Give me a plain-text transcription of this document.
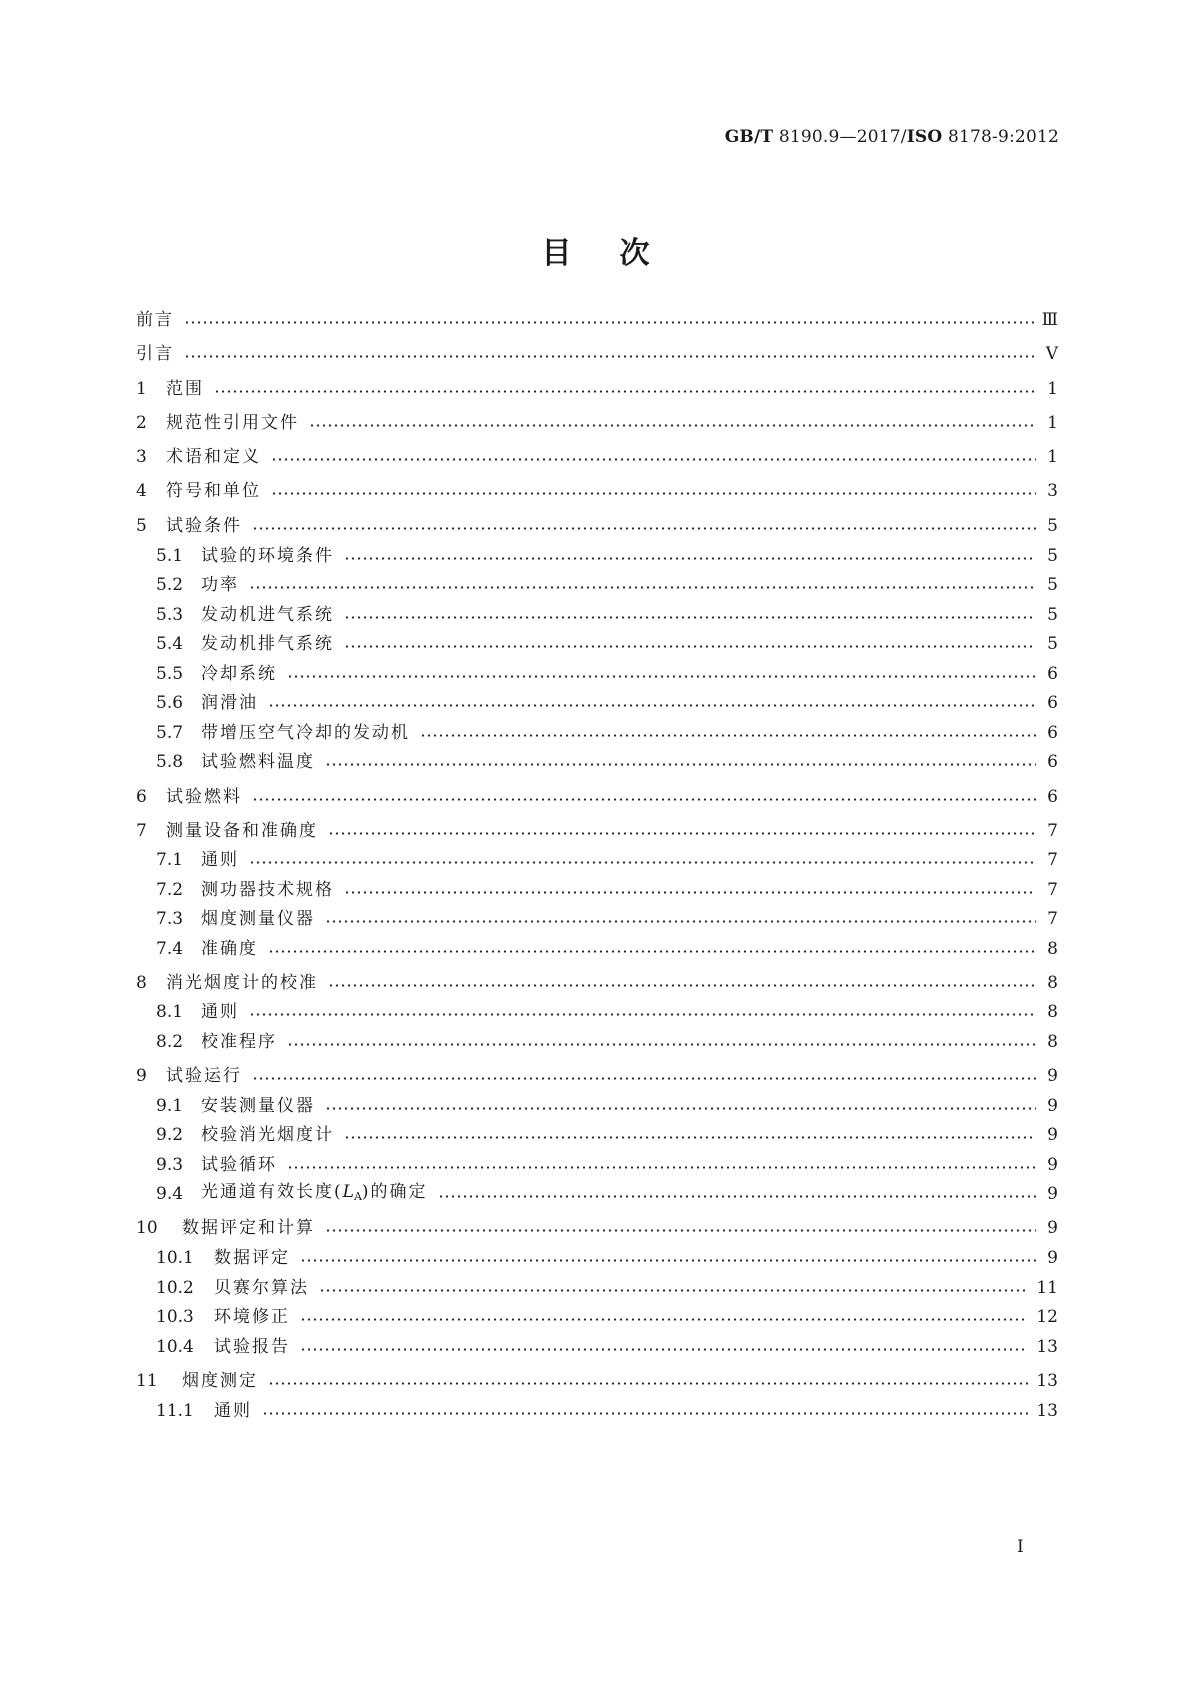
GB/T 8190.9—2017/ISO 8178-9:2012
目次
前言	Ⅲ
引言	Ⅴ
1	范围	1
2	规范性引用文件	1
3	术语和定义	1
4	符号和单位	3
5	试验条件	5
5.1	试验的环境条件	5
5.2	功率	5
5.3	发动机进气系统	5
5.4	发动机排气系统	5
5.5	冷却系统	6
5.6	润滑油	6
5.7	带增压空气冷却的发动机	6
5.8	试验燃料温度	6
6	试验燃料	6
7	测量设备和准确度	7
7.1	通则	7
7.2	测功器技术规格	7
7.3	烟度测量仪器	7
7.4	准确度	8
8	消光烟度计的校准	8
8.1	通则	8
8.2	校准程序	8
9	试验运行	9
9.1	安装测量仪器	9
9.2	校验消光烟度计	9
9.3	试验循环	9
9.4	光通道有效长度$(L_A)$的确定	9
10	数据评定和计算	9
10.1	数据评定	9
10.2	贝赛尔算法	11
10.3	环境修正	12
10.4	试验报告	13
11	烟度测定	13
11.1	通则	13
I
